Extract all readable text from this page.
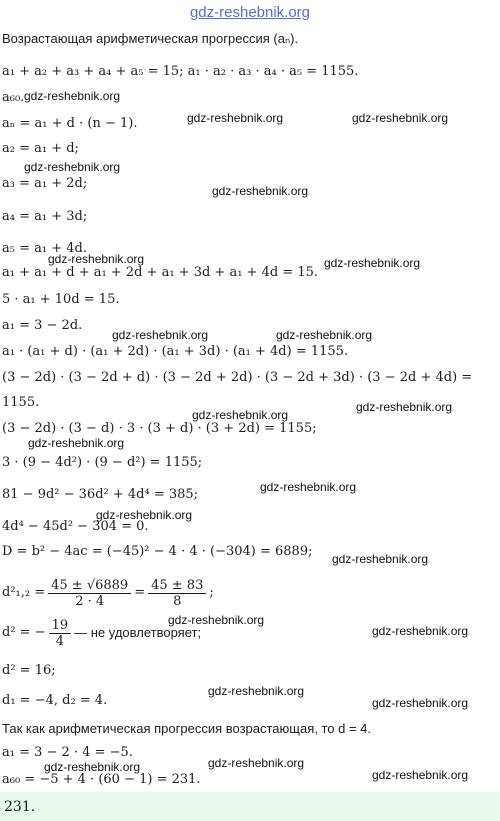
gdz-reshebnik.org
Возрастающая арифметическая прогрессия (aₙ).
a₁ + a₂ + a₃ + a₄ + a₅ = 15; a₁ · a₂ · a₃ · a₄ · a₅ = 1155.
a₆₀.
aₙ = a₁ + d · (n − 1).
a₂ = a₁ + d;
a₃ = a₁ + 2d;
a₄ = a₁ + 3d;
a₅ = a₁ + 4d.
a₁ + a₁ + d + a₁ + 2d + a₁ + 3d + a₁ + 4d = 15.
5 · a₁ + 10d = 15.
a₁ = 3 − 2d.
a₁ · (a₁ + d) · (a₁ + 2d) · (a₁ + 3d) · (a₁ + 4d) = 1155.
(3 − 2d) · (3 − 2d + d) · (3 − 2d + 2d) · (3 − 2d + 3d) · (3 − 2d + 4d) =
1155.
(3 − 2d) · (3 − d) · 3 · (3 + d) · (3 + 2d) = 1155;
3 · (9 − 4d²) · (9 − d²) = 1155;
81 − 9d² − 36d² + 4d⁴ = 385;
4d⁴ − 45d² − 304 = 0.
D = b² − 4ac = (−45)² − 4 · 4 · (−304) = 6889;
$d^2_1,_2 = \frac{45 \pm √6889}{2 \cdot 4} = \frac{45 \pm 83}{8}$ ;
d² = − $\frac{19}{4}$ — не удовлетворяет;
d² = 16;
d₁ = −4, d₂ = 4.
Так как арифметическая прогрессия возрастающая, то d = 4.
a₁ = 3 − 2 · 4 = −5.
a₆₀ = −5 + 4 · (60 − 1) = 231.
231.
gdz-reshebnik.org
gdz-reshebnik.org	gdz-reshebnik.org
gdz-reshebnik.org
gdz-reshebnik.org
gdz-reshebnik.org	gdz-reshebnik.org
gdz-reshebnik.org	gdz-reshebnik.org
gdz-reshebnik.org
gdz-reshebnik.org
gdz-reshebnik.org
gdz-reshebnik.org
gdz-reshebnik.org
gdz-reshebnik.org
gdz-reshebnik.org
gdz-reshebnik.org
gdz-reshebnik.org
gdz-reshebnik.org
gdz-reshebnik.org	gdz-reshebnik.org
gdz-reshebnik.org
